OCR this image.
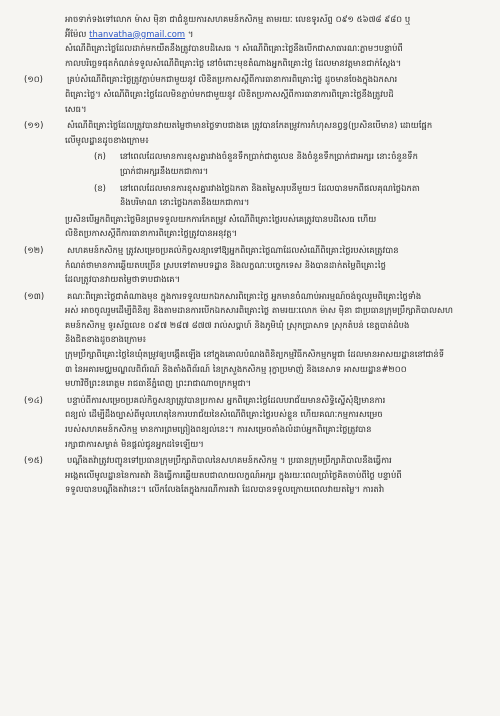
អាចទាក់ទងទៅលោក ម៉ាស ម៉ិនា ជាជំនួយការសហគមន៍កសិកម្ម តាមរយៈ លេខទូរស័ព្ទ ០៩១ ៥៦៧៨ ៩៨០ ឬ
អ៊ីម៉ែល thanvatha@gmail.com ។
សំណើពិគ្រោះថ្លៃដែលដាក់មកយឺតនឹងត្រូវបានបដិសេធ ។ សំណើពិគ្រោះថ្លៃនឹងបើកជាសាធារណៈភ្លាមៗបន្ទាប់ពី
កាលបរិច្ឆេទផុតកំណត់ទទួលសំណើពិគ្រោះថ្លៃ នៅចំពោះមុខតំណាងអ្នកពិគ្រោះថ្លៃ ដែលមានវត្តមានជាក់ស្ដែង។
(១០)	គ្រប់សំណើពិគ្រោះថ្លៃត្រូវភ្ជាប់មកជាមួយនូវ លិខិតប្រកាសស្ដីពីការធានាការពិគ្រោះថ្លៃ ដូចមានចែងក្នុងឯកសារ
ពិគ្រោះថ្លៃ។ សំណើពិគ្រោះថ្លៃដែលមិនភ្ជាប់មកជាមួយនូវ លិខិតប្រកាសស្ដីពីការធានាការពិគ្រោះថ្លៃនឹងត្រូវបដិ
សេធ។
(១១)	សំណើពិគ្រោះថ្លៃដែលត្រូវបានវាយតម្លៃថាមានថ្លៃទាបជាងគេ ត្រូវបានកែតម្រូវការកំហុសនព្វន្ធ(ប្រសិនបើមាន) ដោយផ្អែក
លើមូលដ្ឋានដូចខាងក្រោម៖
(ក)	នៅពេលដែលមានការខុសគ្នារវាងចំនួនទឹកប្រាក់ជាតួលេខ និងចំនួនទឹកប្រាក់ជាអក្សរ នោះចំនួនទឹក
ប្រាក់ជាអក្សរនឹងយកជាការ។
(ខ)	នៅពេលដែលមានការខុសគ្នារវាងថ្លៃឯកតា និងតម្លៃសរុបនីមួយៗ ដែលបានមកពីផលគុណថ្លៃឯកតា
និងបរិមាណ នោះថ្លៃឯកតានឹងយកជាការ។
ប្រសិនបើអ្នកពិគ្រោះថ្លៃមិនព្រមទទួលយកការកែតម្រូវ សំណើពិគ្រោះថ្លៃរបស់គេត្រូវបានបដិសេធ ហើយ
លិខិតប្រកាសស្ដីពីការធានាការពិគ្រោះថ្លៃត្រូវបានអនុវត្ត។
(១២)	សហគមន៍កសិកម្ម ត្រូវសម្រេចប្រគល់កិច្ចសន្យាទៅឱ្យអ្នកពិគ្រោះថ្លៃណាដែលសំណើពិគ្រោះថ្លៃរបស់គេត្រូវបាន
កំណត់ថាមានការឆ្លើយតបច្រើន ស្របទៅតាមបទដ្ឋាន និងលក្ខណៈបច្ចេកទេស និងបានដាក់តម្លៃពិគ្រោះថ្លៃ
ដែលត្រូវបានវាយតម្លៃថាទាបជាងគេ។
(១៣)	គណៈពិគ្រោះថ្លៃជាតំណាងមុខ ក្នុងការទទួលយកឯកសារពិគ្រោះថ្លៃ អ្នកមានចំណាប់អារម្មណ៍ចង់ចូលរួមពិគ្រោះថ្លៃទាំង
អស់ អាចចូលរួមដើម្បីពិនិត្យ និងតាមដានការបើកឯកសារពិគ្រោះថ្លៃ តាមរយៈលោក ម៉ាស ម៉ិនា ជាប្រធានក្រុមប្រឹក្សាភិបាលសហ
គមន៍កសិកម្ម ទូរស័ព្ទលេខ ០៩៧ ២៨៧ ៨៧៧ រាល់សប្ដាហ៍ និងភូមិឃុំ ស្រុកប្រាសាទ ស្រុកតំបន់ ខេត្តបាត់ដំបង
និងជិតខាងដូចខាងក្រោម៖
ក្រុមប្រឹក្សាពិគ្រោះថ្លៃនៃឃុំតម្រូវឲ្យបង្កើតឡើង នៅក្នុងគោលបំណងពិនិត្យកម្មវិធីកសិកម្មកម្ពុជា ដែលមានអាសយដ្ឋាននៅជាន់ទី
៣ នៃអគារមជ្ឈមណ្ឌលពិព័រណ៍ និងតាំងពិព័រណ៍ នៃក្រសួងកសិកម្ម រុក្ខាប្រមាញ់ និងនេសាទ អាសយដ្ឋាន#២០០
មហាវិថីព្រះនរោត្តម រាជធានីភ្នំពេញ ព្រះរាជាណាចក្រកម្ពុជា។
(១៤)	បន្ទាប់ពីការសម្រេចប្រគល់កិច្ចសន្យាត្រូវបានប្រកាស អ្នកពិគ្រោះថ្លៃដែលបរាជ័យមានសិទ្ធិស្នើសុំឱ្យមានការ
ពន្យល់ ដើម្បីដឹងច្បាស់ពីមូលហេតុនៃការបរាជ័យនៃសំណើពិគ្រោះថ្លៃរបស់ខ្លួន ហើយគណៈកម្មការសម្រេច
របស់សហគមន៍កសិកម្ម មានការព្រមព្រៀងពន្យល់នេះ។ ការសម្រេចតាំងលំដាប់អ្នកពិគ្រោះថ្លៃត្រូវបាន
រក្សាជាការសម្ងាត់ មិនផ្ដល់ជូនអ្នកដទៃឡើយ។
(១៥)	បណ្ដឹងតវ៉ាត្រូវបញ្ជូនទៅប្រធានក្រុមប្រឹក្សាភិបាលនៃសហគមន៍កសិកម្ម ។ ប្រធានក្រុមប្រឹក្សាភិបាលនឹងធ្វើការ
អង្កេតលើមូលដ្ឋាននៃការតវ៉ា និងធ្វើការឆ្លើយតបជាលាយលក្ខណ៍អក្សរ ក្នុងរយៈពេលប្រាំថ្ងៃគិតចាប់ពីថ្ងៃ បន្ទាប់ពី
ទទួលបានបណ្ដឹងតវ៉ានេះ។ លើកលែងតែក្នុងករណីការតវ៉ា ដែលបានទទួលក្រោយពេលវាយតម្លៃ។ ការតវ៉ា
